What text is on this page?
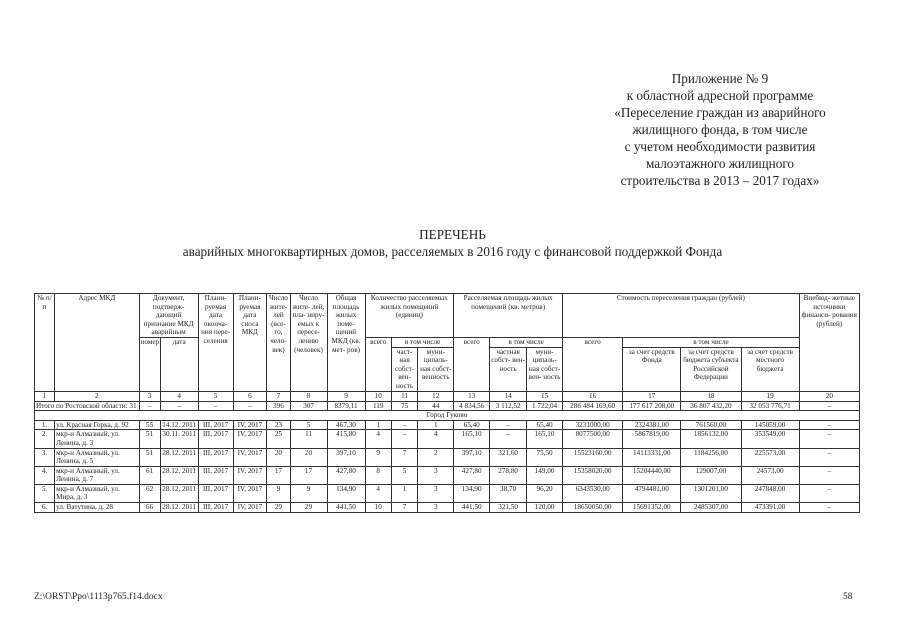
Приложение № 9
к областной адресной программе
«Переселение граждан из аварийного
жилищного фонда, в том числе
с учетом необходимости развития
малоэтажного жилищного
строительства в 2013 – 2017 годах»
ПЕРЕЧЕНЬ
аварийных многоквартирных домов, расселяемых в 2016 году с финансовой поддержкой Фонда
№ п/п	Адрес МКД	Документ, подтверж- дающий признание МКД аварийным		Плани- руемая дата оконча- ния пере- селения	Плани- руемая дата сноса МКД	Число жите- лей (все- го, чело- век)	Число жите- лей, пла- ниру- емых к пересе- лению (человек)	Общая площадь жилых поме- щений МКД (кв. мет- ров)	Количество расселяемых жилых помещений (единиц)			Расселяемая площадь жилых помещений (кв. метров)			Стоимость переселения граждан (рублей)				Внебюд- жетные источники финанси- рования (рублей)
		номер	дата						всего	в том числе		всего	в том числе		всего	в том числе			
										част- ная собст- вен- ность	муни- ципаль- ная собст- венность		частная собст- вен- ность	муни- ципаль- ная собст- вен- ность		за счет средств Фонда	за счет средств бюджета субъекта Российской Федерации	за счет средств местного бюджета	
1	2	3	4	5	6	7	8	9	10	11	12	13	14	15	16	17	18	19	20
Итого по Ростовской области: 31		–	–	–	–	396	307	8379,11	119	75	44	4 834,56	3 112,52	1 722,04	286 484 169,60	177 617 208,00	36 807 432,20	32 053 776,71	–
Город Гуково																			
1.	ул. Красная Горка, д. 92	55	14.12. 2011	III, 2017	IV, 2017	23	5	467,30	1	–	1	65,40	–	65,40	3231000,00	2324381,00	761560,00	145059,00	–
2.	мкр-н Алмазный, ул. Ленина, д. 3	51	30.11. 2011	III, 2017	IV, 2017	25	11	415,80	4	–	4	165,10	–	165,10	8077500,00	5867819,00	1856132,00	353549,00	–
3.	мкр-н Алмазный, ул. Ленина, д. 5	51	28.12. 2011	III, 2017	IV, 2017	20	20	397,10	9	7	2	397,10	321,60	75,50	15523160,00	14113331,00	1184256,00	225573,00	–
4.	мкр-н Алмазный, ул. Ленина, д. 7	61	28.12. 2011	III, 2017	IV, 2017	17	17	427,80	8	5	3	427,80	278,80	149,00	15358020,00	15204440,00	129007,00	24573,00	–
5.	мкр-н Алмазный, ул. Мира, д. 3	62	28.12. 2011	III, 2017	IV, 2017	9	9	134,90	4	1	3	134,90	38,70	96,20	6343530,00	4794481,00	1301201,00	247848,00	–
6.	ул. Ватутина, д. 28	66	28.12. 2011	III, 2017	IV, 2017	29	29	441,50	10	7	3	441,50	321,50	120,00	18650050,00	15691352,00	2485307,00	473391,00	–
Z:\ORST\Ppo\1113p765.f14.docx	58
